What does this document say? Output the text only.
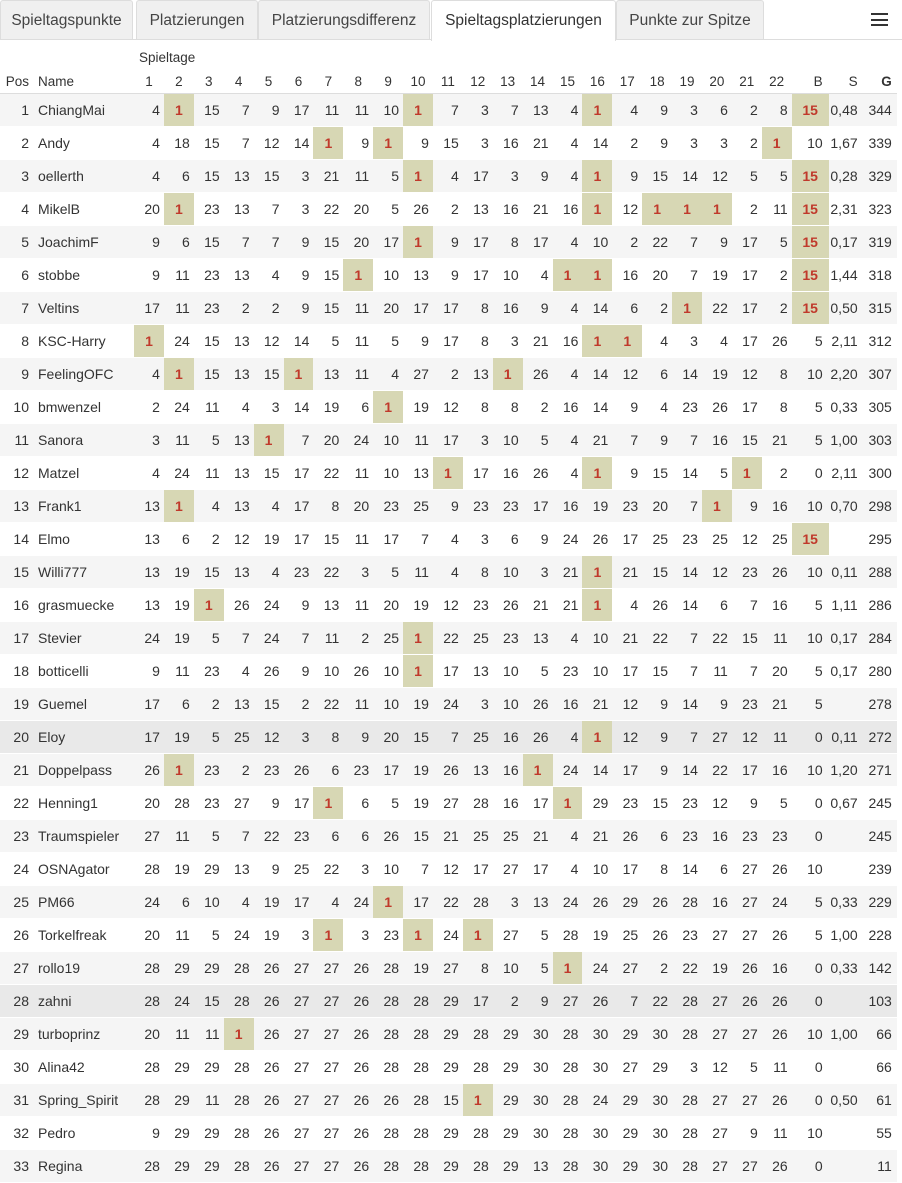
Spieltagspunkte	Platzierungen	Platzierungsdifferenz	Spieltagsplatzierungen	Punkte zur Spitze
		Spieltage																								
Pos	Name	1	2	3	4	5	6	7	8	9	10	11	12	13	14	15	16	17	18	19	20	21	22	B	S	G
1	ChiangMai	4	1	15	7	9	17	11	11	10	1	7	3	7	13	4	1	4	9	3	6	2	8	15	0,48	344
2	Andy	4	18	15	7	12	14	1	9	1	9	15	3	16	21	4	14	2	9	3	3	2	1	10	1,67	339
3	oellerth	4	6	15	13	15	3	21	11	5	1	4	17	3	9	4	1	9	15	14	12	5	5	15	0,28	329
4	MikelB	20	1	23	13	7	3	22	20	5	26	2	13	16	21	16	1	12	1	1	1	2	11	15	2,31	323
5	JoachimF	9	6	15	7	7	9	15	20	17	1	9	17	8	17	4	10	2	22	7	9	17	5	15	0,17	319
6	stobbe	9	11	23	13	4	9	15	1	10	13	9	17	10	4	1	1	16	20	7	19	17	2	15	1,44	318
7	Veltins	17	11	23	2	2	9	15	11	20	17	17	8	16	9	4	14	6	2	1	22	17	2	15	0,50	315
8	KSC-Harry	1	24	15	13	12	14	5	11	5	9	17	8	3	21	16	1	1	4	3	4	17	26	5	2,11	312
9	FeelingOFC	4	1	15	13	15	1	13	11	4	27	2	13	1	26	4	14	12	6	14	19	12	8	10	2,20	307
10	bmwenzel	2	24	11	4	3	14	19	6	1	19	12	8	8	2	16	14	9	4	23	26	17	8	5	0,33	305
11	Sanora	3	11	5	13	1	7	20	24	10	11	17	3	10	5	4	21	7	9	7	16	15	21	5	1,00	303
12	Matzel	4	24	11	13	15	17	22	11	10	13	1	17	16	26	4	1	9	15	14	5	1	2	0	2,11	300
13	Frank1	13	1	4	13	4	17	8	20	23	25	9	23	23	17	16	19	23	20	7	1	9	16	10	0,70	298
14	Elmo	13	6	2	12	19	17	15	11	17	7	4	3	6	9	24	26	17	25	23	25	12	25	15		295
15	Willi777	13	19	15	13	4	23	22	3	5	11	4	8	10	3	21	1	21	15	14	12	23	26	10	0,11	288
16	grasmuecke	13	19	1	26	24	9	13	11	20	19	12	23	26	21	21	1	4	26	14	6	7	16	5	1,11	286
17	Stevier	24	19	5	7	24	7	11	2	25	1	22	25	23	13	4	10	21	22	7	22	15	11	10	0,17	284
18	botticelli	9	11	23	4	26	9	10	26	10	1	17	13	10	5	23	10	17	15	7	11	7	20	5	0,17	280
19	Guemel	17	6	2	13	15	2	22	11	10	19	24	3	10	26	16	21	12	9	14	9	23	21	5		278
20	Eloy	17	19	5	25	12	3	8	9	20	15	7	25	16	26	4	1	12	9	7	27	12	11	0	0,11	272
21	Doppelpass	26	1	23	2	23	26	6	23	17	19	26	13	16	1	24	14	17	9	14	22	17	16	10	1,20	271
22	Henning1	20	28	23	27	9	17	1	6	5	19	27	28	16	17	1	29	23	15	23	12	9	5	0	0,67	245
23	Traumspieler	27	11	5	7	22	23	6	6	26	15	21	25	25	21	4	21	26	6	23	16	23	23	0		245
24	OSNAgator	28	19	29	13	9	25	22	3	10	7	12	17	27	17	4	10	17	8	14	6	27	26	10		239
25	PM66	24	6	10	4	19	17	4	24	1	17	22	28	3	13	24	26	29	26	28	16	27	24	5	0,33	229
26	Torkelfreak	20	11	5	24	19	3	1	3	23	1	24	1	27	5	28	19	25	26	23	27	27	26	5	1,00	228
27	rollo19	28	29	29	28	26	27	27	26	28	19	27	8	10	5	1	24	27	2	22	19	26	16	0	0,33	142
28	zahni	28	24	15	28	26	27	27	26	28	28	29	17	2	9	27	26	7	22	28	27	26	26	0		103
29	turboprinz	20	11	11	1	26	27	27	26	28	28	29	28	29	30	28	30	29	30	28	27	27	26	10	1,00	66
30	Alina42	28	29	29	28	26	27	27	26	28	28	29	28	29	30	28	30	27	29	3	12	5	11	0		66
31	Spring_Spirit	28	29	11	28	26	27	27	26	26	28	15	1	29	30	28	24	29	30	28	27	27	26	0	0,50	61
32	Pedro	9	29	29	28	26	27	27	26	28	28	29	28	29	30	28	30	29	30	28	27	9	11	10		55
33	Regina	28	29	29	28	26	27	27	26	28	28	29	28	29	13	28	30	29	30	28	27	27	26	0		11
